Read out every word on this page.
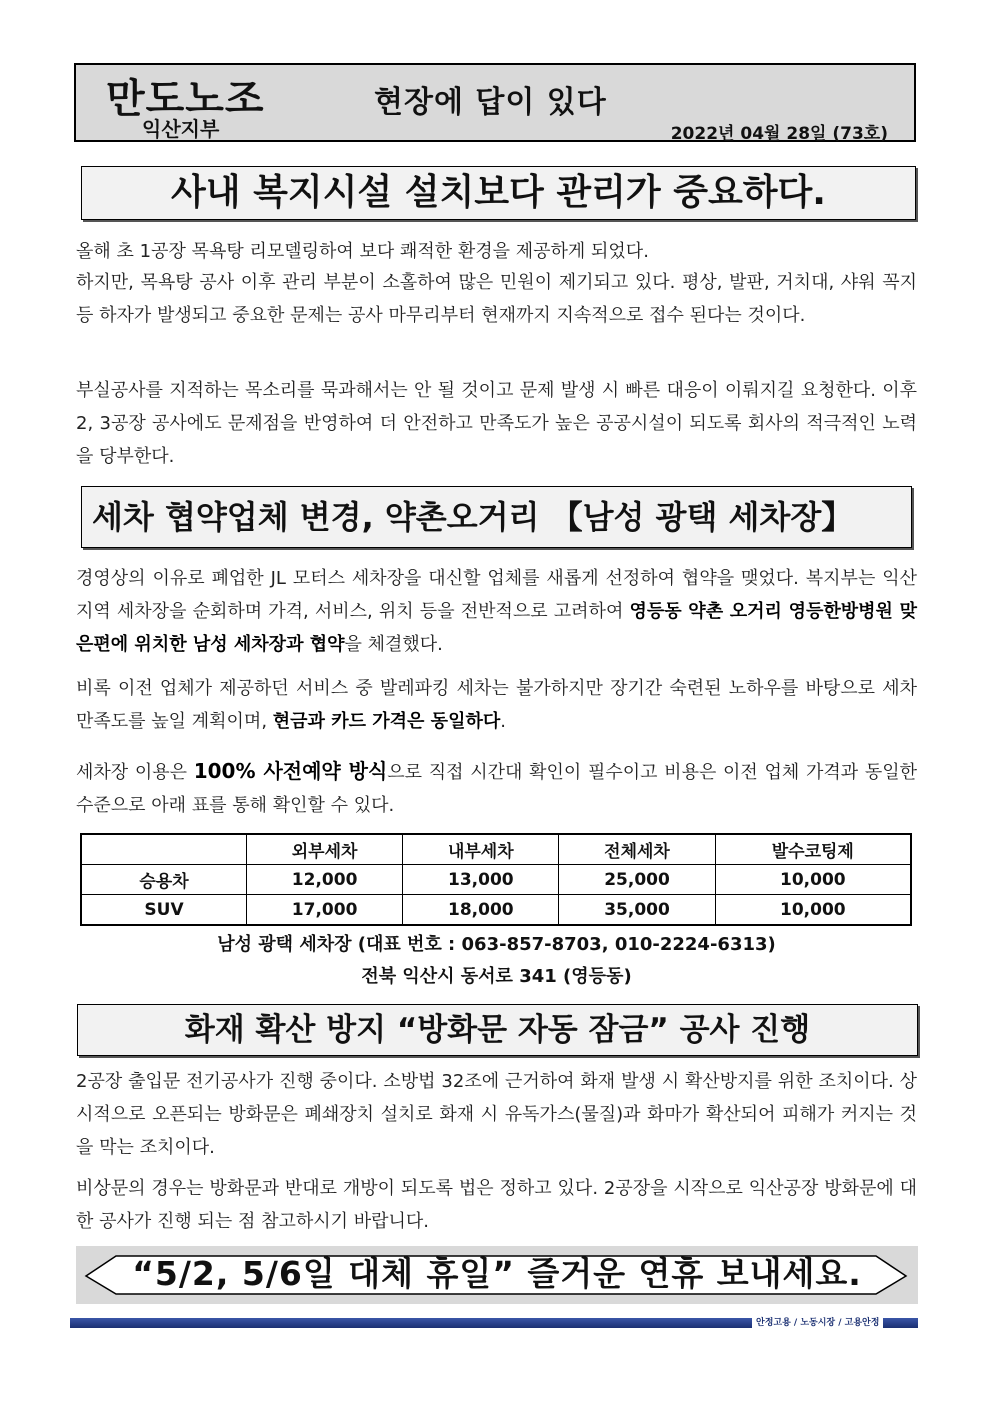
만도노조
익산지부
현장에 답이 있다
2022년 04월 28일 (73호)
사내 복지시설 설치보다 관리가 중요하다.
올해 초 1공장 목욕탕 리모델링하여 보다 쾌적한 환경을 제공하게 되었다.
하지만, 목욕탕 공사 이후 관리 부분이 소홀하여 많은 민원이 제기되고 있다. 평상, 발판, 거치대, 샤워 꼭지 등 하자가 발생되고 중요한 문제는 공사 마무리부터 현재까지 지속적으로 접수 된다는 것이다.
부실공사를 지적하는 목소리를 묵과해서는 안 될 것이고 문제 발생 시 빠른 대응이 이뤄지길 요청한다. 이후 2, 3공장 공사에도 문제점을 반영하여 더 안전하고 만족도가 높은 공공시설이 되도록 회사의 적극적인 노력을 당부한다.
세차 협약업체 변경, 약촌오거리 【남성 광택 세차장】
경영상의 이유로 폐업한 JL 모터스 세차장을 대신할 업체를 새롭게 선정하여 협약을 맺었다. 복지부는 익산지역 세차장을 순회하며 가격, 서비스, 위치 등을 전반적으로 고려하여 영등동 약촌 오거리 영등한방병원 맞은편에 위치한 남성 세차장과 협약을 체결했다.
비록 이전 업체가 제공하던 서비스 중 발레파킹 세차는 불가하지만 장기간 숙련된 노하우를 바탕으로 세차 만족도를 높일 계획이며, 현금과 카드 가격은 동일하다.
세차장 이용은 100% 사전예약 방식으로 직접 시간대 확인이 필수이고 비용은 이전 업체 가격과 동일한 수준으로 아래 표를 통해 확인할 수 있다.
	외부세차	내부세차	전체세차	발수코팅제
승용차	12,000	13,000	25,000	10,000
SUV	17,000	18,000	35,000	10,000
남성 광택 세차장 (대표 번호 : 063-857-8703, 010-2224-6313)
전북 익산시 동서로 341 (영등동)
화재 확산 방지 “방화문 자동 잠금” 공사 진행
2공장 출입문 전기공사가 진행 중이다. 소방법 32조에 근거하여 화재 발생 시 확산방지를 위한 조치이다. 상시적으로 오픈되는 방화문은 폐쇄장치 설치로 화재 시 유독가스(물질)과 화마가 확산되어 피해가 커지는 것을 막는 조치이다.
비상문의 경우는 방화문과 반대로 개방이 되도록 법은 정하고 있다. 2공장을 시작으로 익산공장 방화문에 대한 공사가 진행 되는 점 참고하시기 바랍니다.
“5/2, 5/6일 대체 휴일” 즐거운 연휴 보내세요.
안정고용 / 노동시장 / 고용안정
